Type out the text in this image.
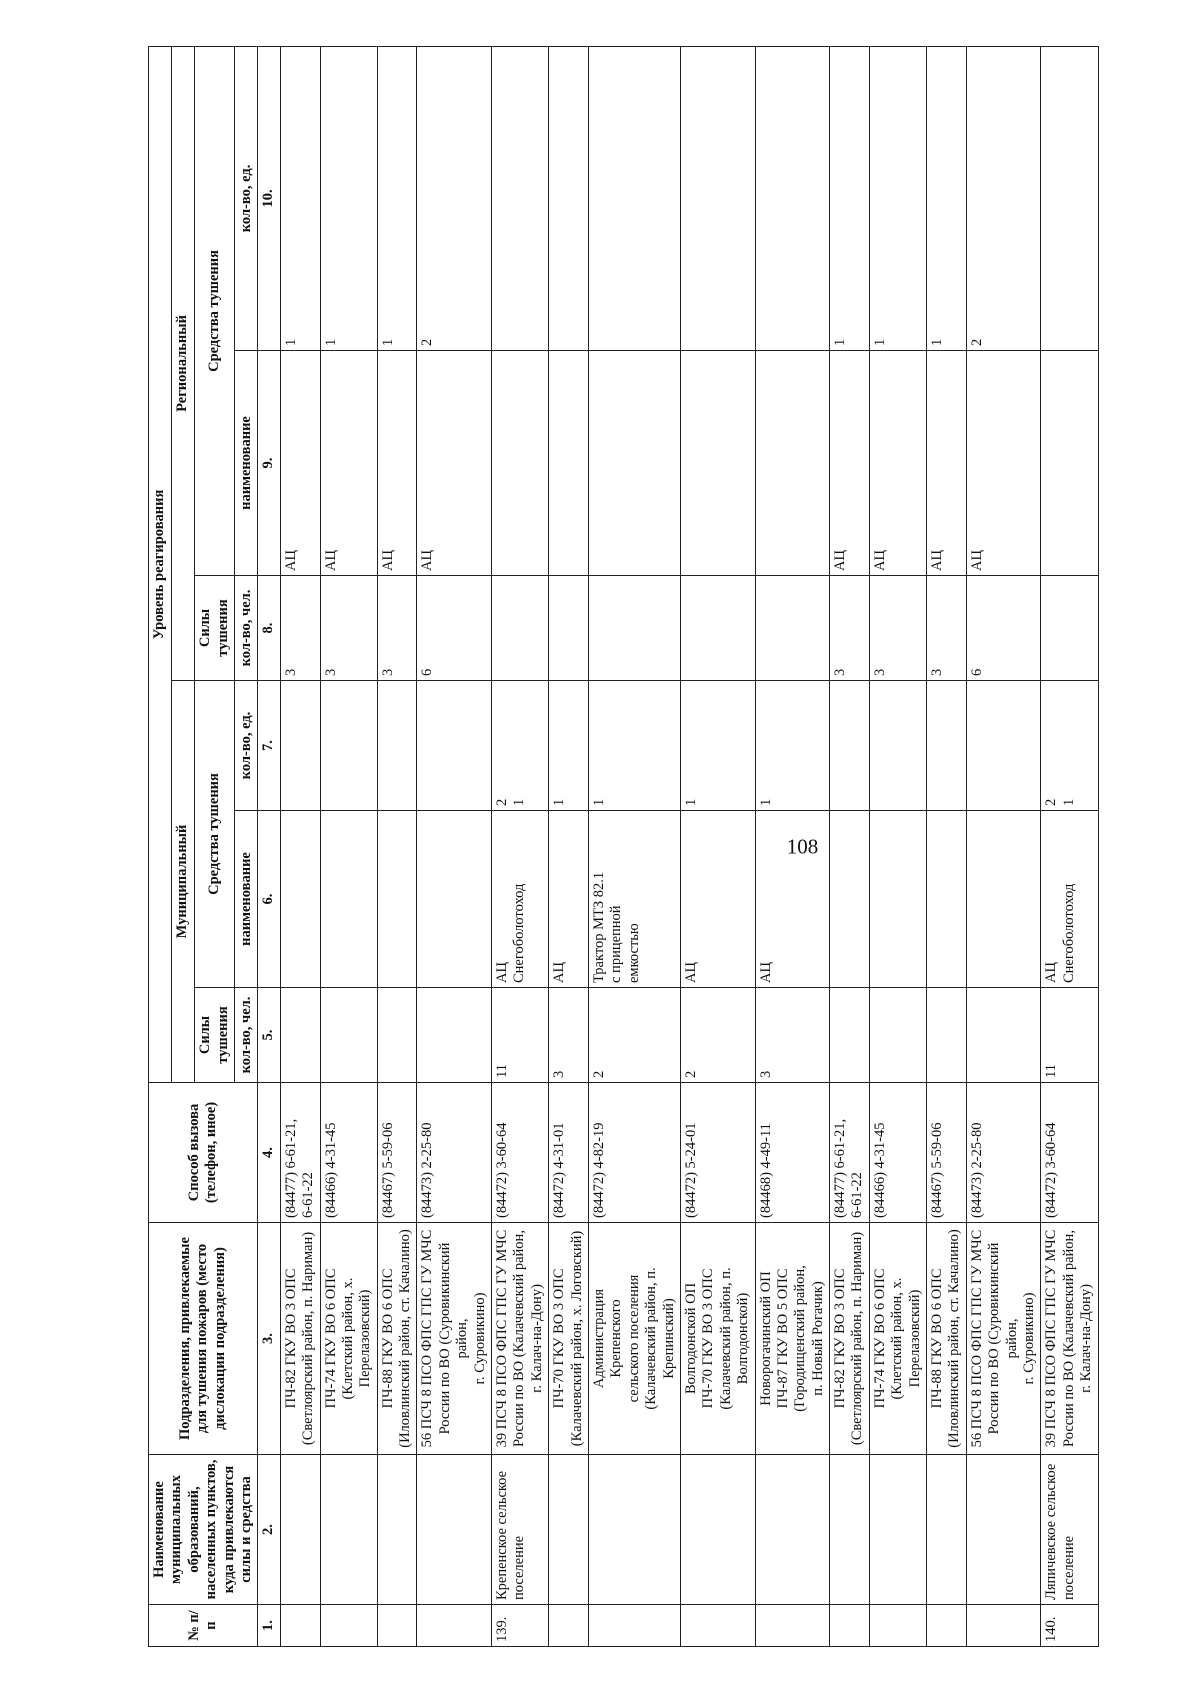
108
№ п/п	Наименование муниципальных образований, населенных пунктов, куда привлекаются силы и средства	Подразделения, привлекаемые для тушения пожаров (место дислокации подразделения)	Способ вызова (телефон, иное)	Уровень реагирования					
				Муниципальный			Региональный		
				Силы тушения	Средства тушения		Силы тушения	Средства тушения	
				кол-во, чел.	наименование	кол-во, ед.	кол-во, чел.	наименование	кол-во, ед.
1.	2.	3.	4.	5.	6.	7.	8.	9.	10.

		ПЧ-82 ГКУ ВО 3 ОПС (Светлоярский район, п. Нариман)	(84477) 6-61-21, 6-61-22				3	АЦ	1

		ПЧ-74 ГКУ ВО 6 ОПС (Клетский район, х. Перелазовский)	(84466) 4-31-45				3	АЦ	1

		ПЧ-88 ГКУ ВО 6 ОПС (Иловлинский район, ст. Качалино)	(84467) 5-59-06				3	АЦ	1

		56 ПСЧ 8 ПСО ФПС ГПС ГУ МЧС России по ВО (Суровикинский район, г. Суровикино)	(84473) 2-25-80				6	АЦ	2
139.	Крепенское сельское поселение	39 ПСЧ 8 ПСО ФПС ГПС ГУ МЧС России по ВО (Калачевский район, г. Калач-на-Дону)	(84472) 3-60-64	11	АЦ Снегоболотоход	2 1			

		ПЧ-70 ГКУ ВО 3 ОПС (Калачевский район, х. Логовский)	(84472) 4-31-01	3	АЦ	1			

		Администрация Крепенского сельского поселения (Калачевский район, п. Крепинский)	(84472) 4-82-19	2	Трактор МТЗ 82.1 с прицепной емкостью	1			

		Волгодонской ОП ПЧ-70 ГКУ ВО 3 ОПС (Калачевский район, п. Волгодонской)	(84472) 5-24-01	2	АЦ	1			

		Новорогачинский ОП ПЧ-87 ГКУ ВО 5 ОПС (Городищенский район, п. Новый Рогачик)	(84468) 4-49-11	3	АЦ	1			

		ПЧ-82 ГКУ ВО 3 ОПС (Светлоярский район, п. Нариман)	(84477) 6-61-21, 6-61-22				3	АЦ	1

		ПЧ-74 ГКУ ВО 6 ОПС (Клетский район, х. Перелазовский)	(84466) 4-31-45				3	АЦ	1

		ПЧ-88 ГКУ ВО 6 ОПС (Иловлинский район, ст. Качалино)	(84467) 5-59-06				3	АЦ	1

		56 ПСЧ 8 ПСО ФПС ГПС ГУ МЧС России по ВО (Суровикинский район, г. Суровикино)	(84473) 2-25-80				6	АЦ	2
140.	Ляпичевское сельское поселение	39 ПСЧ 8 ПСО ФПС ГПС ГУ МЧС России по ВО (Калачевский район, г. Калач-на-Дону)	(84472) 3-60-64	11	АЦ Снегоболотоход	2 1			
